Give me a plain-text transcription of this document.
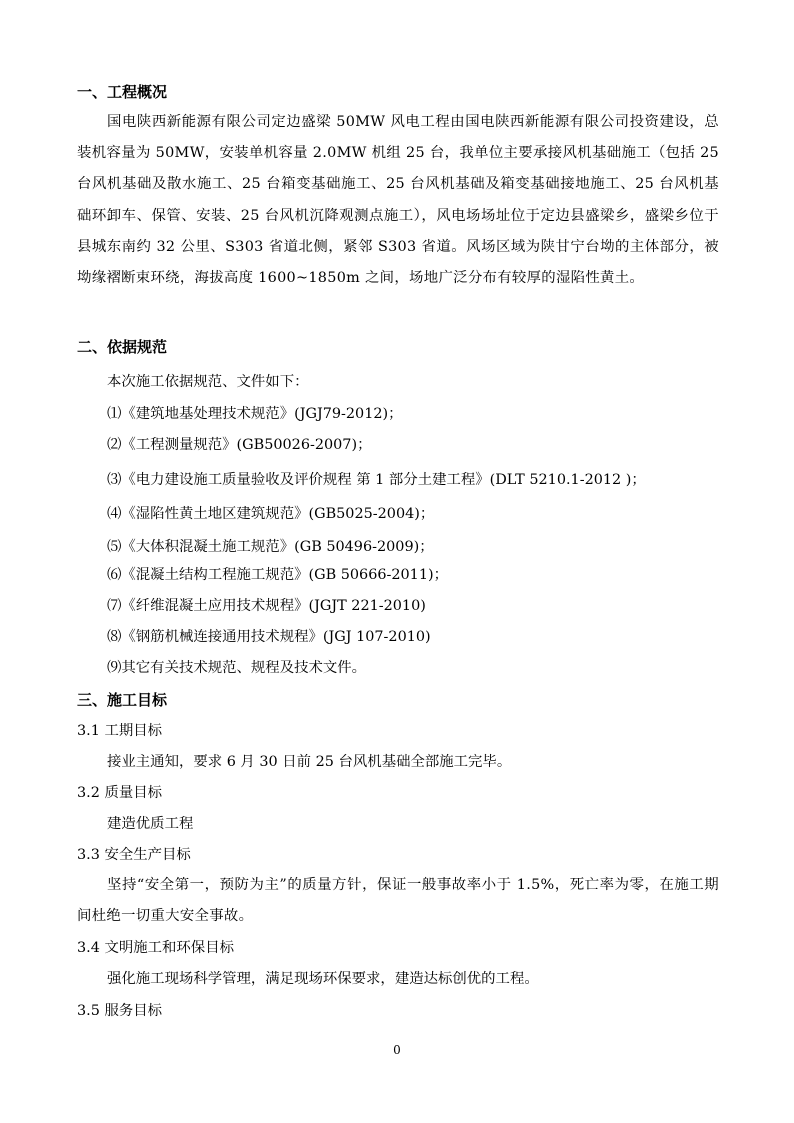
一、工程概况
国电陕西新能源有限公司定边盛梁 50MW 风电工程由国电陕西新能源有限公司投资建设，总装机容量为 50MW，安装单机容量 2.0MW 机组 25 台，我单位主要承接风机基础施工（包括 25 台风机基础及散水施工、25 台箱变基础施工、25 台风机基础及箱变基础接地施工、25 台风机基础环卸车、保管、安装、25 台风机沉降观测点施工），风电场场址位于定边县盛梁乡，盛梁乡位于县城东南约 32 公里、S303 省道北侧，紧邻 S303 省道。风场区域为陕甘宁台坳的主体部分，被坳缘褶断束环绕，海拔高度 1600~1850m 之间，场地广泛分布有较厚的湿陷性黄土。
二、依据规范
本次施工依据规范、文件如下：
⑴《建筑地基处理技术规范》(JGJ79-2012)；
⑵《工程测量规范》(GB50026-2007)；
⑶《电力建设施工质量验收及评价规程 第 1 部分土建工程》(DLT 5210.1-2012 )；
⑷《湿陷性黄土地区建筑规范》(GB5025-2004)；
⑸《大体积混凝土施工规范》(GB 50496-2009)；
⑹《混凝土结构工程施工规范》(GB 50666-2011)；
⑺《纤维混凝土应用技术规程》(JGJT 221-2010)
⑻《钢筋机械连接通用技术规程》(JGJ 107-2010)
⑼其它有关技术规范、规程及技术文件。
三、施工目标
3.1 工期目标
接业主通知，要求 6 月 30 日前 25 台风机基础全部施工完毕。
3.2 质量目标
建造优质工程
3.3 安全生产目标
坚持“安全第一，预防为主”的质量方针，保证一般事故率小于 1.5%，死亡率为零，在施工期间杜绝一切重大安全事故。
3.4 文明施工和环保目标
强化施工现场科学管理，满足现场环保要求，建造达标创优的工程。
3.5 服务目标
0
